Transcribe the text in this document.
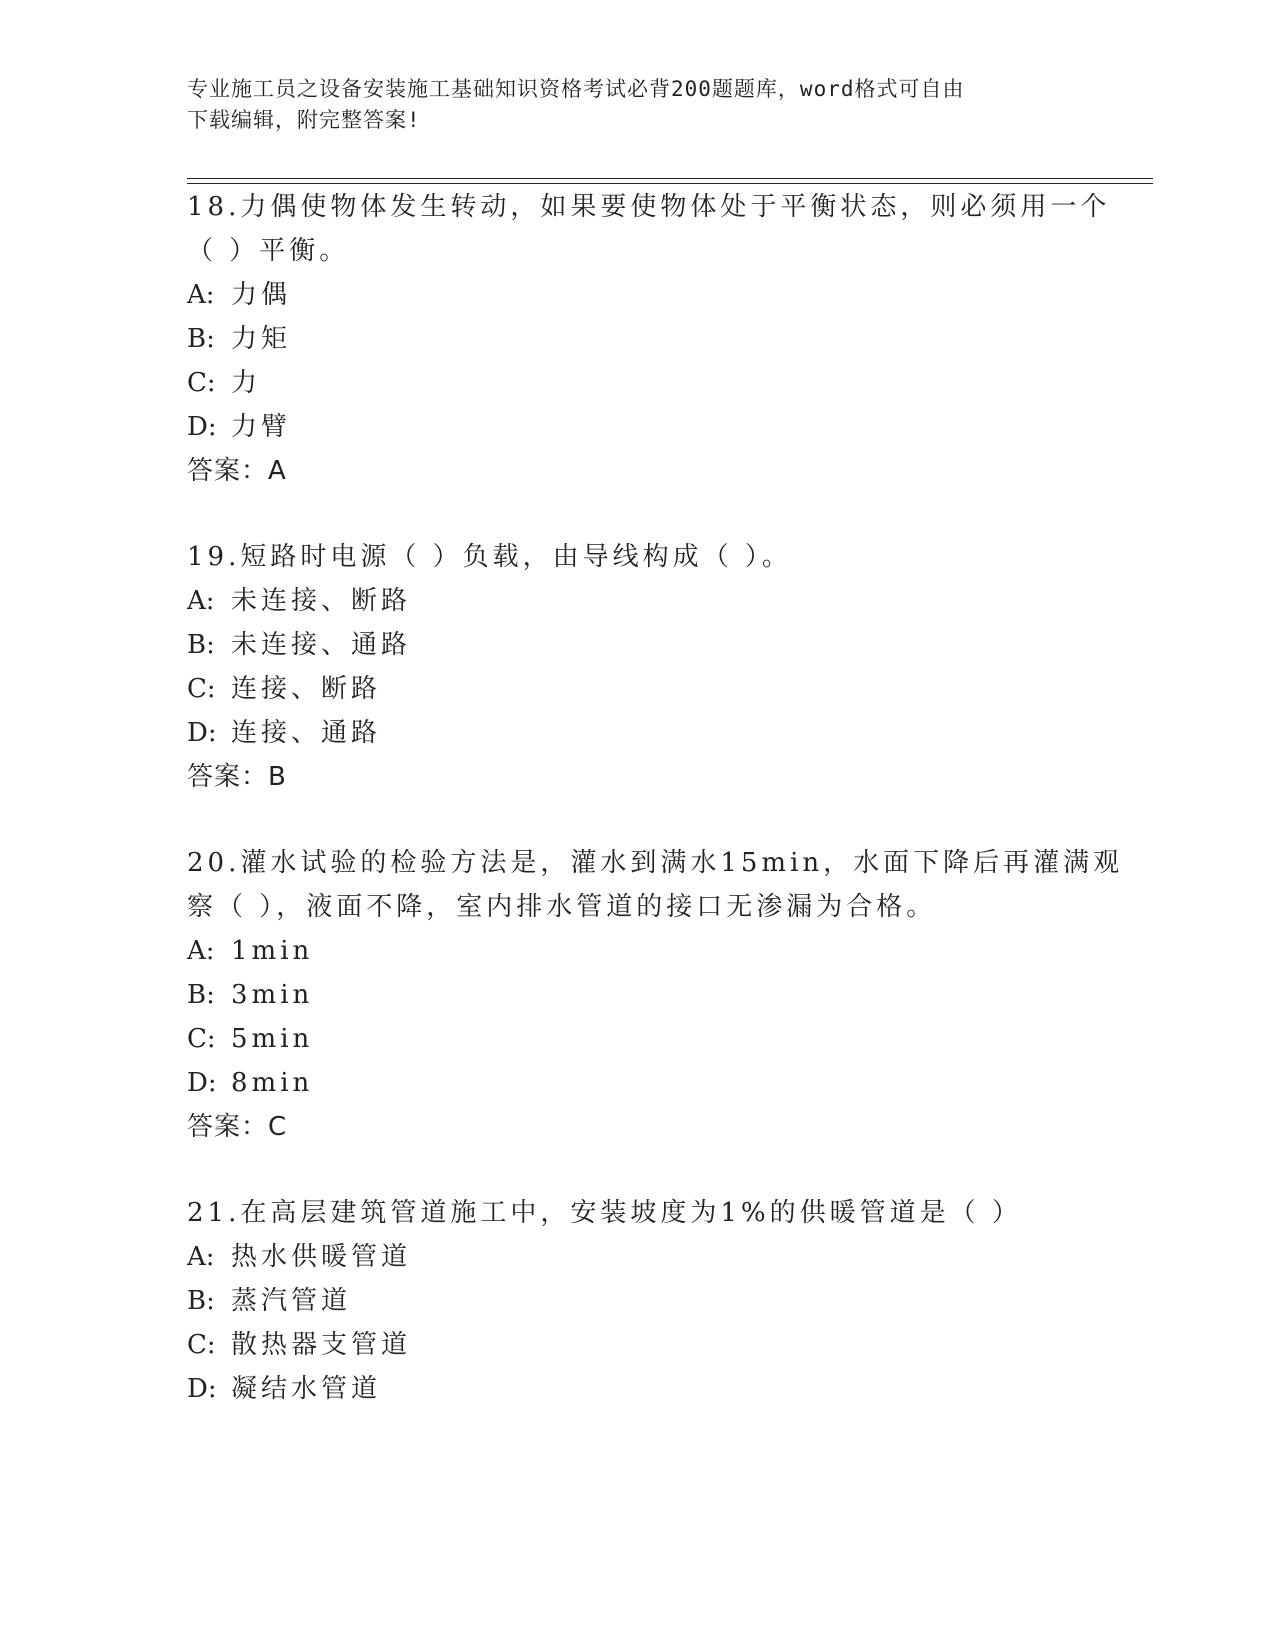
专业施工员之设备安装施工基础知识资格考试必背200题题库，word格式可自由
下载编辑，附完整答案!
18.力偶使物体发生转动，如果要使物体处于平衡状态，则必须用一个
（ ）平衡。
A: 力偶
B: 力矩
C: 力
D: 力臂
答案：A
19.短路时电源（ ）负载，由导线构成（ ）。
A: 未连接、断路
B: 未连接、通路
C: 连接、断路
D: 连接、通路
答案：B
20.灌水试验的检验方法是，灌水到满水15min，水面下降后再灌满观
察（ ），液面不降，室内排水管道的接口无渗漏为合格。
A: 1min
B: 3min
C: 5min
D: 8min
答案：C
21.在高层建筑管道施工中，安装坡度为1%的供暖管道是（ ）
A: 热水供暖管道
B: 蒸汽管道
C: 散热器支管道
D: 凝结水管道
